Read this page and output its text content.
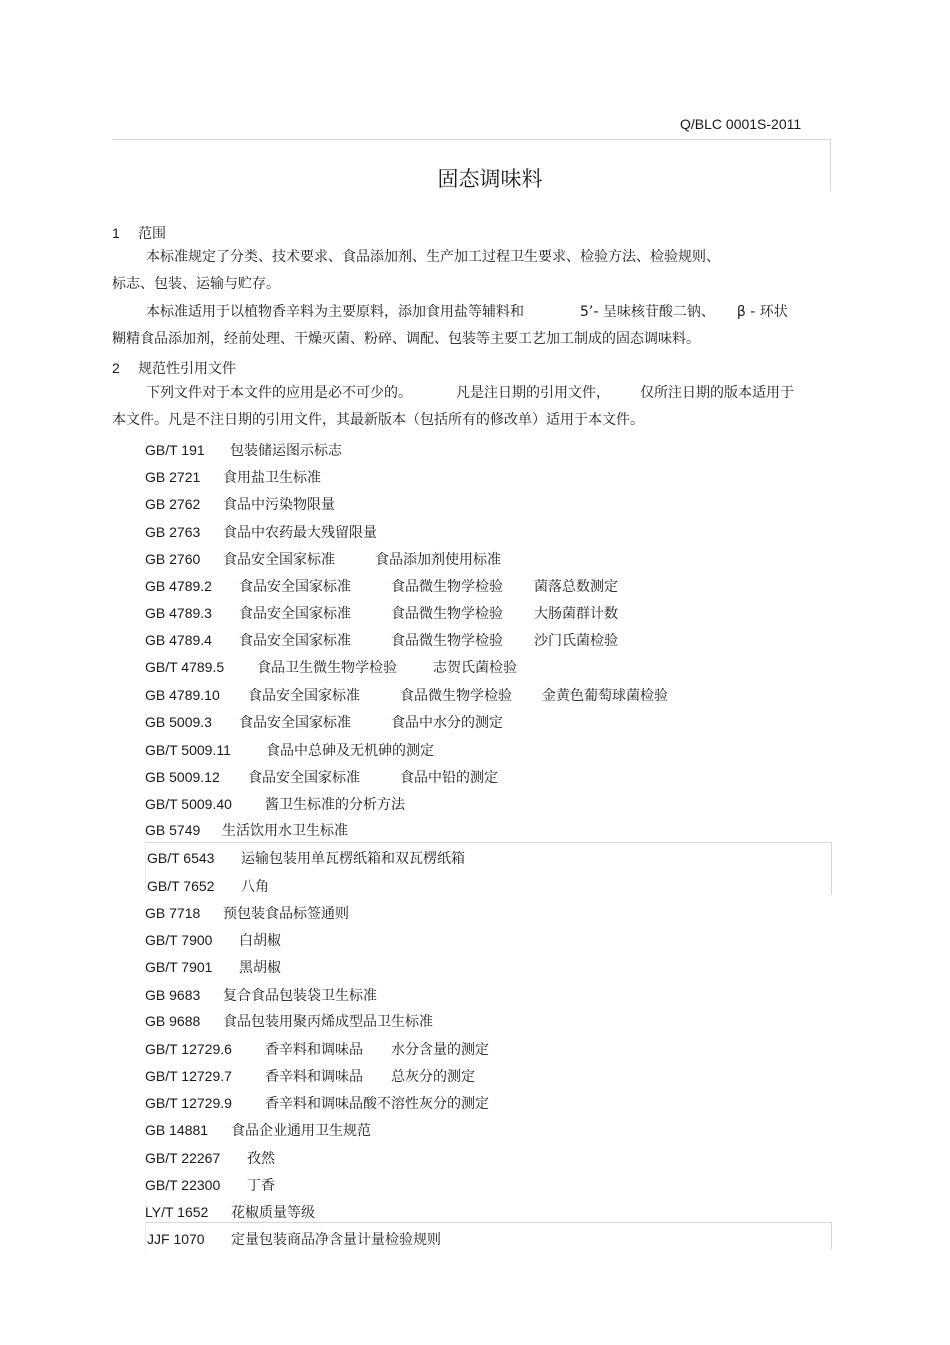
Q/BLC 0001S-2011
固态调味料
1 范围
本标准规定了分类、技术要求、食品添加剂、生产加工过程卫生要求、检验方法、检验规则、
标志、包装、运输与贮存。
本标准适用于以植物香辛料为主要原料，添加食用盐等辅料和	5’- 呈味核苷酸二钠、 β - 环状
糊精食品添加剂，经前处理、干燥灭菌、粉碎、调配、包装等主要工艺加工制成的固态调味料。
2 规范性引用文件
下列文件对于本文件的应用是必不可少的。	凡是注日期的引用文件， 仅所注日期的版本适用于
本文件。凡是不注日期的引用文件，其最新版本（包括所有的修改单）适用于本文件。
GB/T 191 包装储运图示标志
GB 2721 食用盐卫生标准
GB 2762 食品中污染物限量
GB 2763 食品中农药最大残留限量
GB 2760 食品安全国家标准	食品添加剂使用标准
GB 4789.2 食品安全国家标准	食品微生物学检验 菌落总数测定
GB 4789.3 食品安全国家标准	食品微生物学检验 大肠菌群计数
GB 4789.4 食品安全国家标准	食品微生物学检验 沙门氏菌检验
GB/T 4789.5 食品卫生微生物学检验	志贺氏菌检验
GB 4789.10 食品安全国家标准	食品微生物学检验 金黄色葡萄球菌检验
GB 5009.3 食品安全国家标准	食品中水分的测定
GB/T 5009.11	食品中总砷及无机砷的测定
GB 5009.12 食品安全国家标准	食品中铅的测定
GB/T 5009.40 酱卫生标准的分析方法
GB 5749 生活饮用水卫生标准
GB/T 6543 运输包装用单瓦楞纸箱和双瓦楞纸箱
GB/T 7652 八角
GB 7718 预包装食品标签通则
GB/T 7900 白胡椒
GB/T 7901 黑胡椒
GB 9683 复合食品包装袋卫生标准
GB 9688 食品包装用聚丙烯成型品卫生标准
GB/T 12729.6 香辛料和调味品 水分含量的测定
GB/T 12729.7 香辛料和调味品 总灰分的测定
GB/T 12729.9 香辛料和调味品酸不溶性灰分的测定
GB 14881 食品企业通用卫生规范
GB/T 22267 孜然
GB/T 22300 丁香
LY/T 1652 花椒质量等级
JJF 1070 定量包装商品净含量计量检验规则
